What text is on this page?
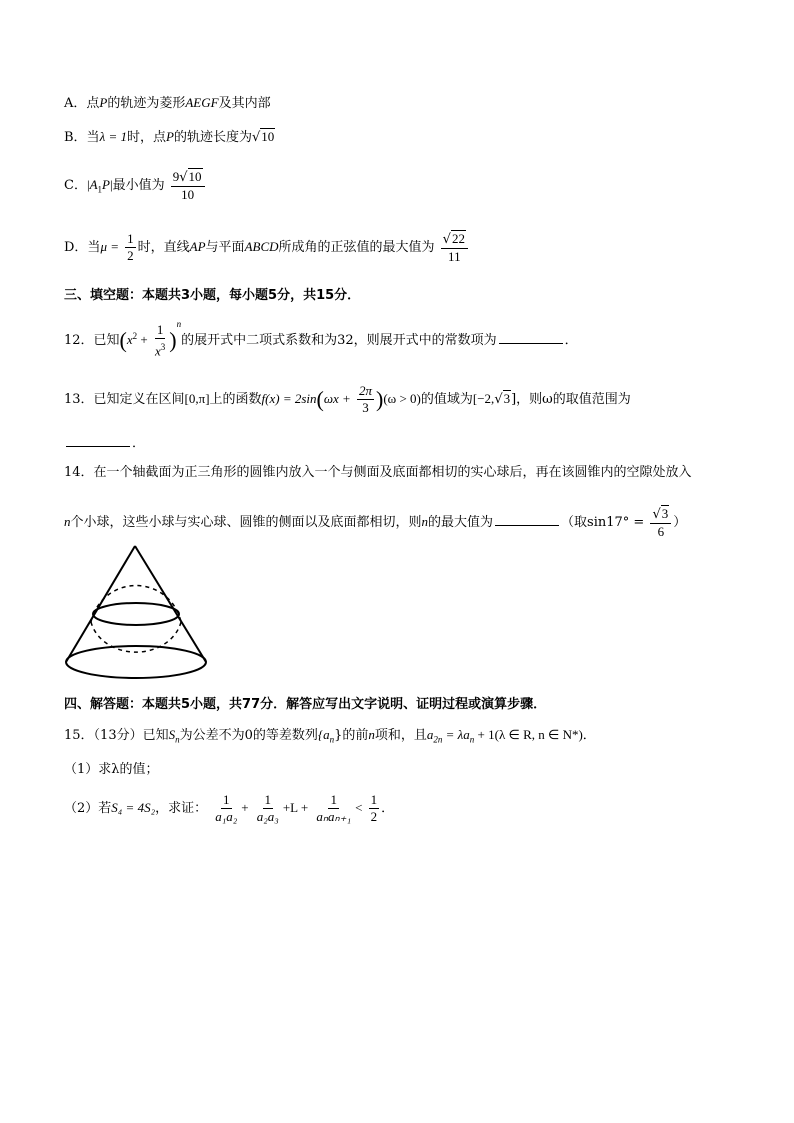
A．点P的轨迹为菱形AEGF及其内部
B．当λ = 1时，点P的轨迹长度为√10
C．$|A_1P|$最小值为 $\frac{9√10}{10}$
D．当$\mu = \frac{1}{2}$ 时，直线AP与平面ABCD所成角的正弦值的最大值为 $\frac{√22}{11}$
三、填空题：本题共3小题，每小题5分，共15分．
12．已知$(x^2 + \frac{1}{x^3} )^n$的展开式中二项式系数和为32，则展开式中的常数项为	．
13．已知定义在区间[0,π]上的函数$f(x) = 2\sin(\omega x + \frac{2\pi}{3} )(\omega > 0)$的值域为[−2,√3]，则ω的取值范围为
．
14．在一个轴截面为正三角形的圆锥内放入一个与侧面及底面都相切的实心球后，再在该圆锥内的空隙处放入
n个小球，这些小球与实心球、圆锥的侧面以及底面都相切，则n的最大值为	（取$\sin 17^\circ = \frac{√3}{6}$ ）
四、解答题：本题共5小题，共77分．解答应写出文字说明、证明过程或演算步骤．
15．（13分）已知$S_n$为公差不为0的等差数列$\{a_n\}$的前n项和，且$a_{2n} = \lambda a_n + 1(\lambda$ ∈ R, n ∈ N*)．
（1）求λ的值；
（2）若S₄ = 4S₂，求证： $\frac{1}{\text{a₁a₂}} + \frac{1}{\text{a₂a₃}} +L + \frac{1}{\text{aₙaₙ₊₁}} < \frac{1}{2}$ ．
